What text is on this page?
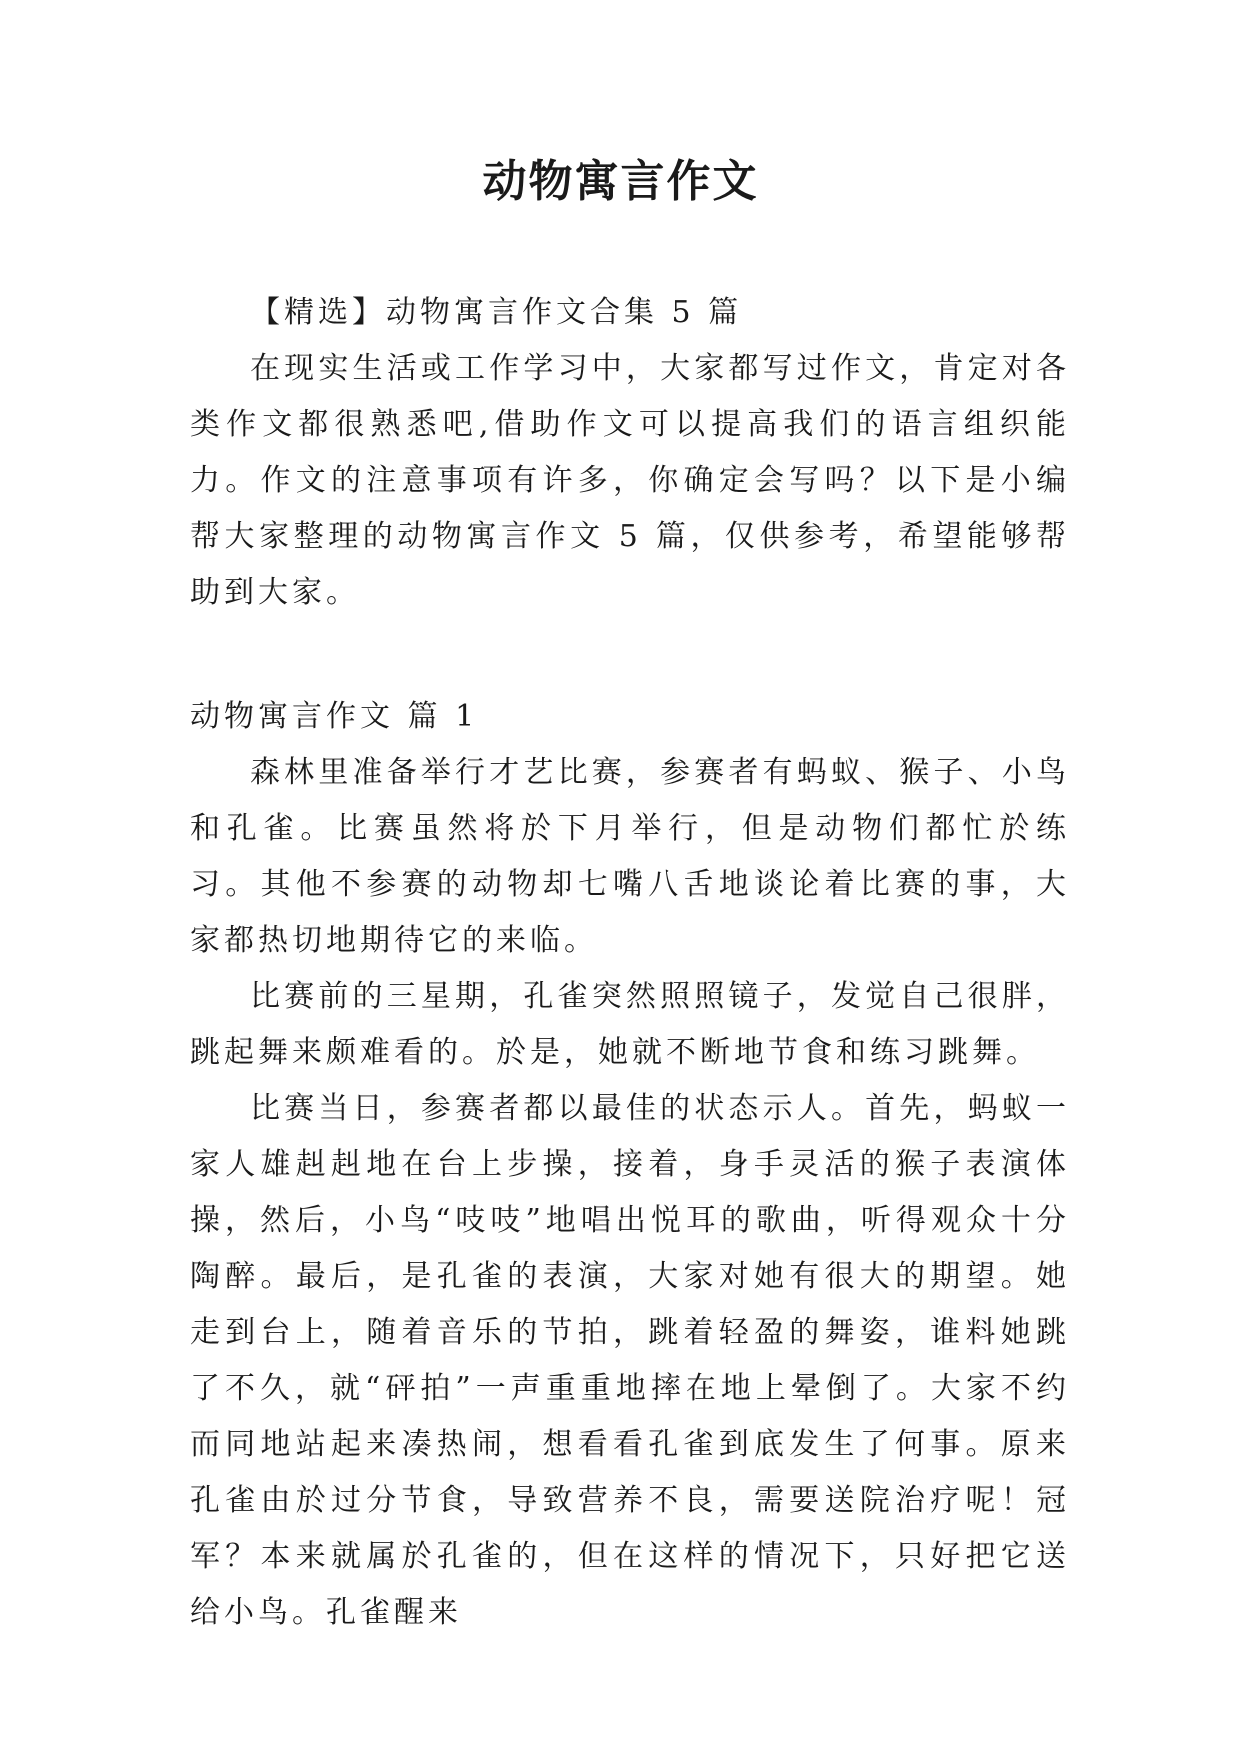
动物寓言作文

【精选】动物寓言作文合集 5 篇

在现实生活或工作学习中，大家都写过作文，肯定对各类作文都很熟悉吧,借助作文可以提高我们的语言组织能力。作文的注意事项有许多，你确定会写吗？以下是小编帮大家整理的动物寓言作文 5 篇，仅供参考，希望能够帮助到大家。

动物寓言作文 篇 1

森林里准备举行才艺比赛，参赛者有蚂蚁、猴子、小鸟和孔雀。比赛虽然将於下月举行，但是动物们都忙於练习。其他不参赛的动物却七嘴八舌地谈论着比赛的事，大家都热切地期待它的来临。

比赛前的三星期，孔雀突然照照镜子，发觉自己很胖，跳起舞来颇难看的。於是，她就不断地节食和练习跳舞。

比赛当日，参赛者都以最佳的状态示人。首先，蚂蚁一家人雄赳赳地在台上步操，接着，身手灵活的猴子表演体操，然后，小鸟“吱吱”地唱出悦耳的歌曲，听得观众十分陶醉。最后，是孔雀的表演，大家对她有很大的期望。她走到台上，随着音乐的节拍，跳着轻盈的舞姿，谁料她跳了不久，就“砰拍”一声重重地摔在地上晕倒了。大家不约而同地站起来凑热闹，想看看孔雀到底发生了何事。原来孔雀由於过分节食，导致营养不良，需要送院治疗呢！冠军？本来就属於孔雀的，但在这样的情况下，只好把它送给小鸟。孔雀醒来
